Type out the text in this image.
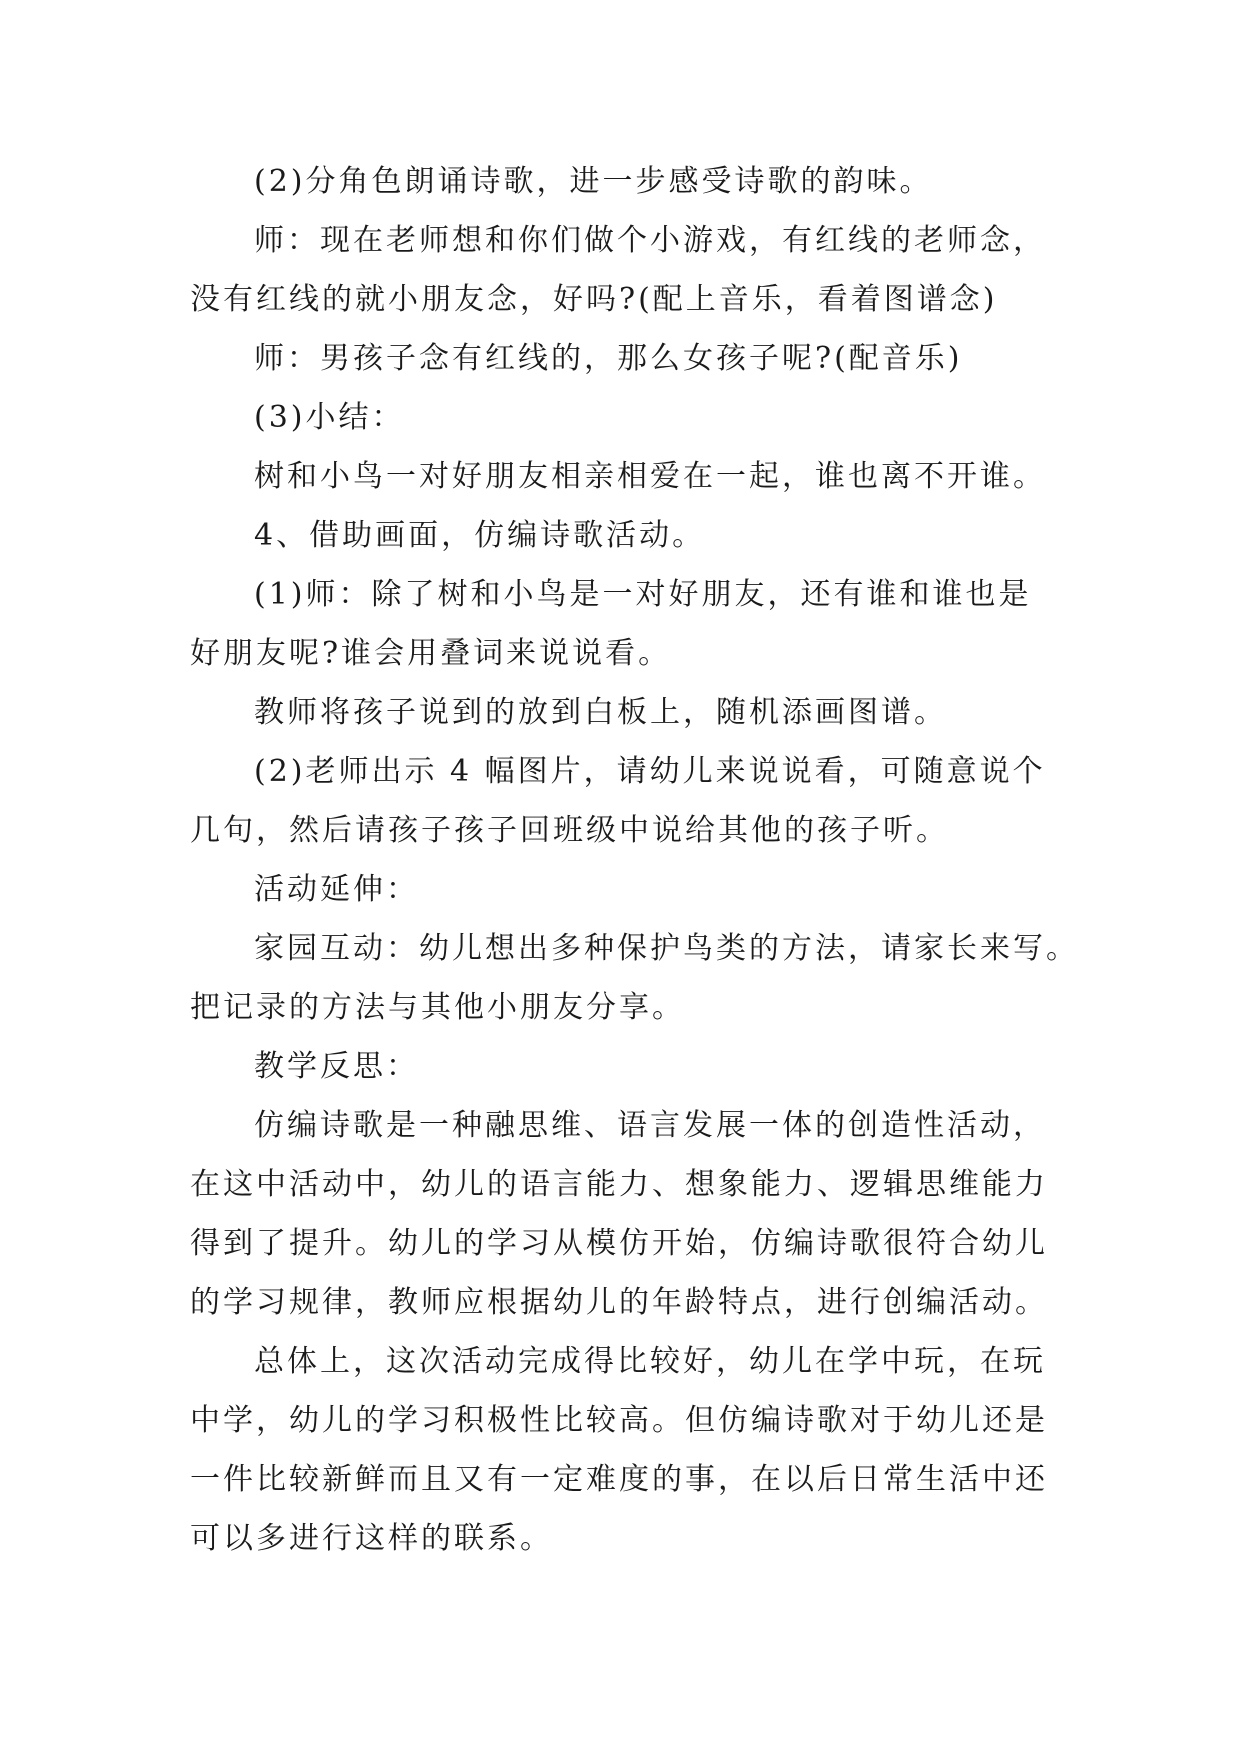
(2)分角色朗诵诗歌，进一步感受诗歌的韵味。
师：现在老师想和你们做个小游戏，有红线的老师念，
没有红线的就小朋友念，好吗?(配上音乐，看着图谱念)
师：男孩子念有红线的，那么女孩子呢?(配音乐)
(3)小结：
树和小鸟一对好朋友相亲相爱在一起，谁也离不开谁。
4、借助画面，仿编诗歌活动。
(1)师：除了树和小鸟是一对好朋友，还有谁和谁也是
好朋友呢?谁会用叠词来说说看。
教师将孩子说到的放到白板上，随机添画图谱。
(2)老师出示 4 幅图片，请幼儿来说说看，可随意说个
几句，然后请孩子孩子回班级中说给其他的孩子听。
活动延伸：
家园互动：幼儿想出多种保护鸟类的方法，请家长来写。
把记录的方法与其他小朋友分享。
教学反思：
仿编诗歌是一种融思维、语言发展一体的创造性活动，
在这中活动中，幼儿的语言能力、想象能力、逻辑思维能力
得到了提升。幼儿的学习从模仿开始，仿编诗歌很符合幼儿
的学习规律，教师应根据幼儿的年龄特点，进行创编活动。
总体上，这次活动完成得比较好，幼儿在学中玩，在玩
中学，幼儿的学习积极性比较高。但仿编诗歌对于幼儿还是
一件比较新鲜而且又有一定难度的事，在以后日常生活中还
可以多进行这样的联系。
